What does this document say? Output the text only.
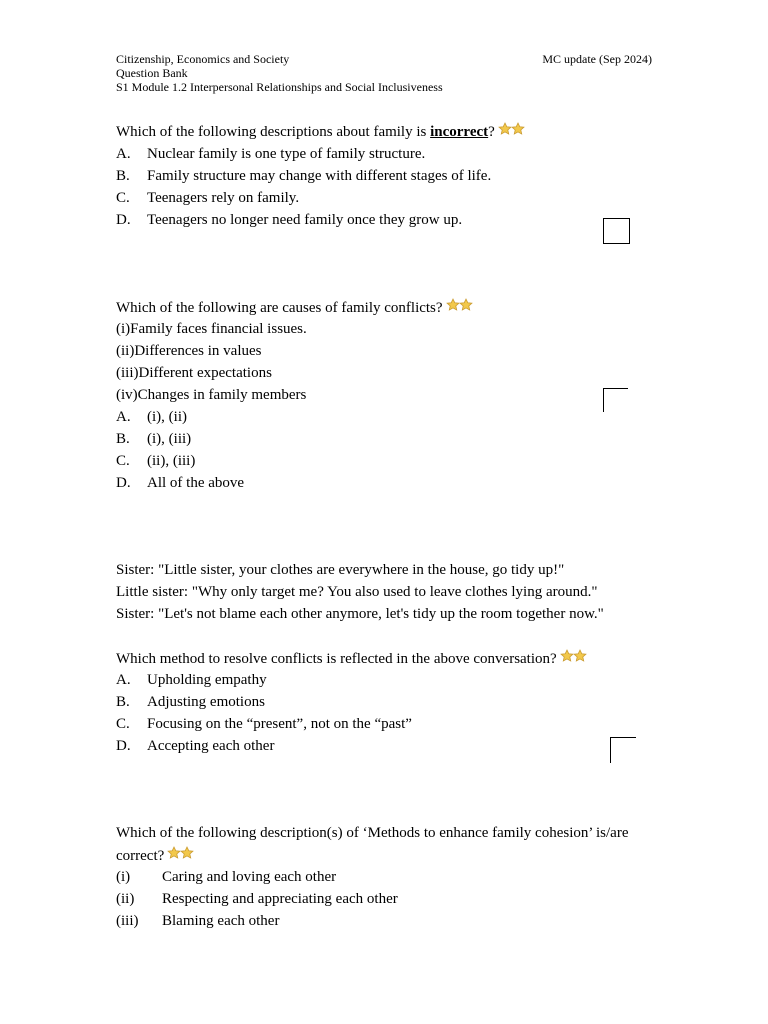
Citizenship, Economics and Society
Question Bank
S1 Module 1.2 Interpersonal Relationships and Social Inclusiveness
MC update (Sep 2024)
Which of the following descriptions about family is incorrect?
A. Nuclear family is one type of family structure.
B. Family structure may change with different stages of life.
C. Teenagers rely on family.
D. Teenagers no longer need family once they grow up.
Which of the following are causes of family conflicts?
(i)Family faces financial issues.
(ii)Differences in values
(iii)Different expectations
(iv)Changes in family members
A. (i), (ii)
B. (i), (iii)
C. (ii), (iii)
D. All of the above
Sister: "Little sister, your clothes are everywhere in the house, go tidy up!"
Little sister: "Why only target me? You also used to leave clothes lying around."
Sister: "Let's not blame each other anymore, let's tidy up the room together now."
Which method to resolve conflicts is reflected in the above conversation?
A. Upholding empathy
B. Adjusting emotions
C. Focusing on the “present”, not on the “past”
D. Accepting each other
Which of the following description(s) of ‘Methods to enhance family cohesion’ is/are
correct?
(i) Caring and loving each other
(ii) Respecting and appreciating each other
(iii) Blaming each other
